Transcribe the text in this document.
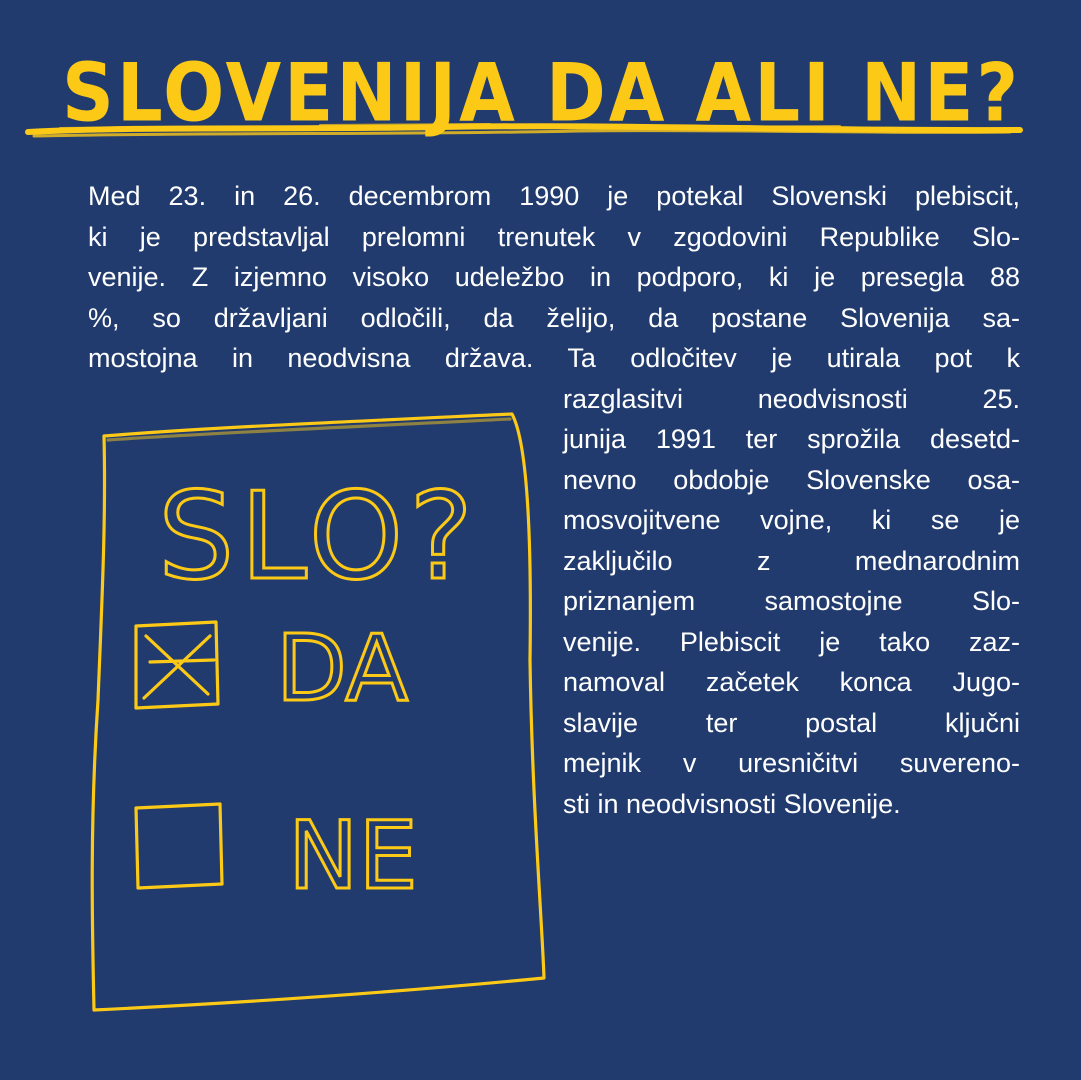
SLOVENIJA DA ALI NE?
Med 23. in 26. decembrom 1990 je potekal Slovenski plebiscit,
ki je predstavljal prelomni trenutek v zgodovini Republike Slo-
venije. Z izjemno visoko udeležbo in podporo, ki je presegla 88
%, so državljani odločili, da želijo, da postane Slovenija sa-
mostojna in neodvisna država. Ta odločitev je utirala pot k
razglasitvi neodvisnosti 25.
junija 1991 ter sprožila desetd-
nevno obdobje Slovenske osa-
mosvojitvene vojne, ki se je
zaključilo z mednarodnim
priznanjem samostojne Slo-
venije. Plebiscit je tako zaz-
namoval začetek konca Jugo-
slavije ter postal ključni
mejnik v uresničitvi suvereno-
sti in neodvisnosti Slovenije.
SLO?
DA
NE
